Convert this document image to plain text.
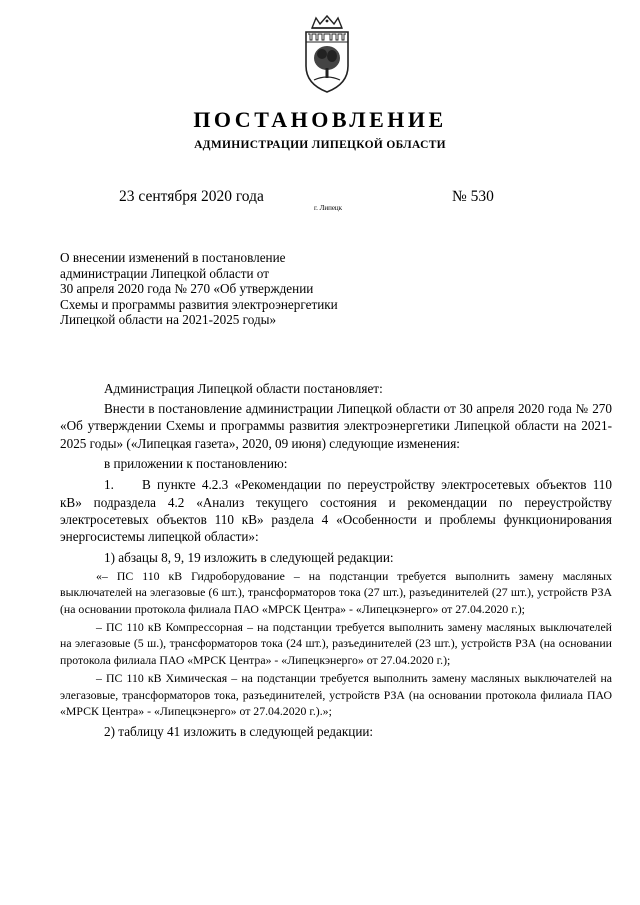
ПОСТАНОВЛЕНИЕ
АДМИНИСТРАЦИИ ЛИПЕЦКОЙ ОБЛАСТИ
23 сентября 2020 года
г. Липецк
№ 530
О внесении изменений в постановление
администрации Липецкой области от
30 апреля 2020 года № 270 «Об утверждении
Схемы и программы развития электроэнергетики
Липецкой области на 2021-2025 годы»

Администрация Липецкой области постановляет:

Внести в постановление администрации Липецкой области от 30 апреля 2020 года № 270 «Об утверждении Схемы и программы развития электроэнергетики Липецкой области на 2021-2025 годы» («Липецкая газета», 2020, 09 июня) следующие изменения:

в приложении к постановлению:

1. В пункте 4.2.3 «Рекомендации по переустройству электросетевых объектов 110 кВ» подраздела 4.2 «Анализ текущего состояния и рекомендации по переустройству электросетевых объектов 110 кВ» раздела 4 «Особенности и проблемы функционирования энергосистемы липецкой области»:

1) абзацы 8, 9, 19 изложить в следующей редакции:

«– ПС 110 кВ Гидроборудование – на подстанции требуется выполнить замену масляных выключателей на элегазовые (6 шт.), трансформаторов тока (27 шт.), разъединителей (27 шт.), устройств РЗА (на основании протокола филиала ПАО «МРСК Центра» - «Липецкэнерго» от 27.04.2020 г.);

– ПС 110 кВ Компрессорная – на подстанции требуется выполнить замену масляных выключателей на элегазовые (5 ш.), трансформаторов тока (24 шт.), разъединителей (23 шт.), устройств РЗА (на основании протокола филиала ПАО «МРСК Центра» - «Липецкэнерго» от 27.04.2020 г.);

– ПС 110 кВ Химическая – на подстанции требуется выполнить замену масляных выключателей на элегазовые, трансформаторов тока, разъединителей, устройств РЗА (на основании протокола филиала ПАО «МРСК Центра» - «Липецкэнерго» от 27.04.2020 г.).»;

2) таблицу 41 изложить в следующей редакции:
